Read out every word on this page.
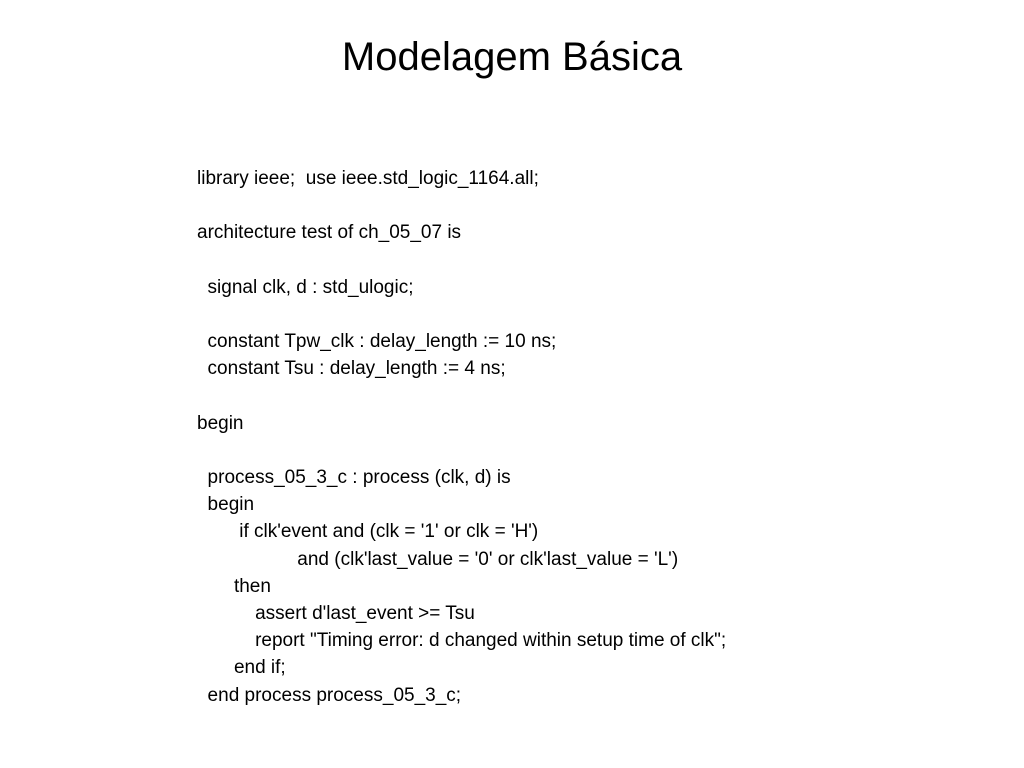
Modelagem Básica
library ieee;  use ieee.std_logic_1164.all;
architecture test of ch_05_07 is
signal clk, d : std_ulogic;
constant Tpw_clk : delay_length := 10 ns;
constant Tsu : delay_length := 4 ns;
begin
process_05_3_c : process (clk, d) is
begin
if clk'event and (clk = '1' or clk = 'H')
and (clk'last_value = '0' or clk'last_value = 'L')
then
assert d'last_event >= Tsu
report "Timing error: d changed within setup time of clk";
end if;
end process process_05_3_c;
